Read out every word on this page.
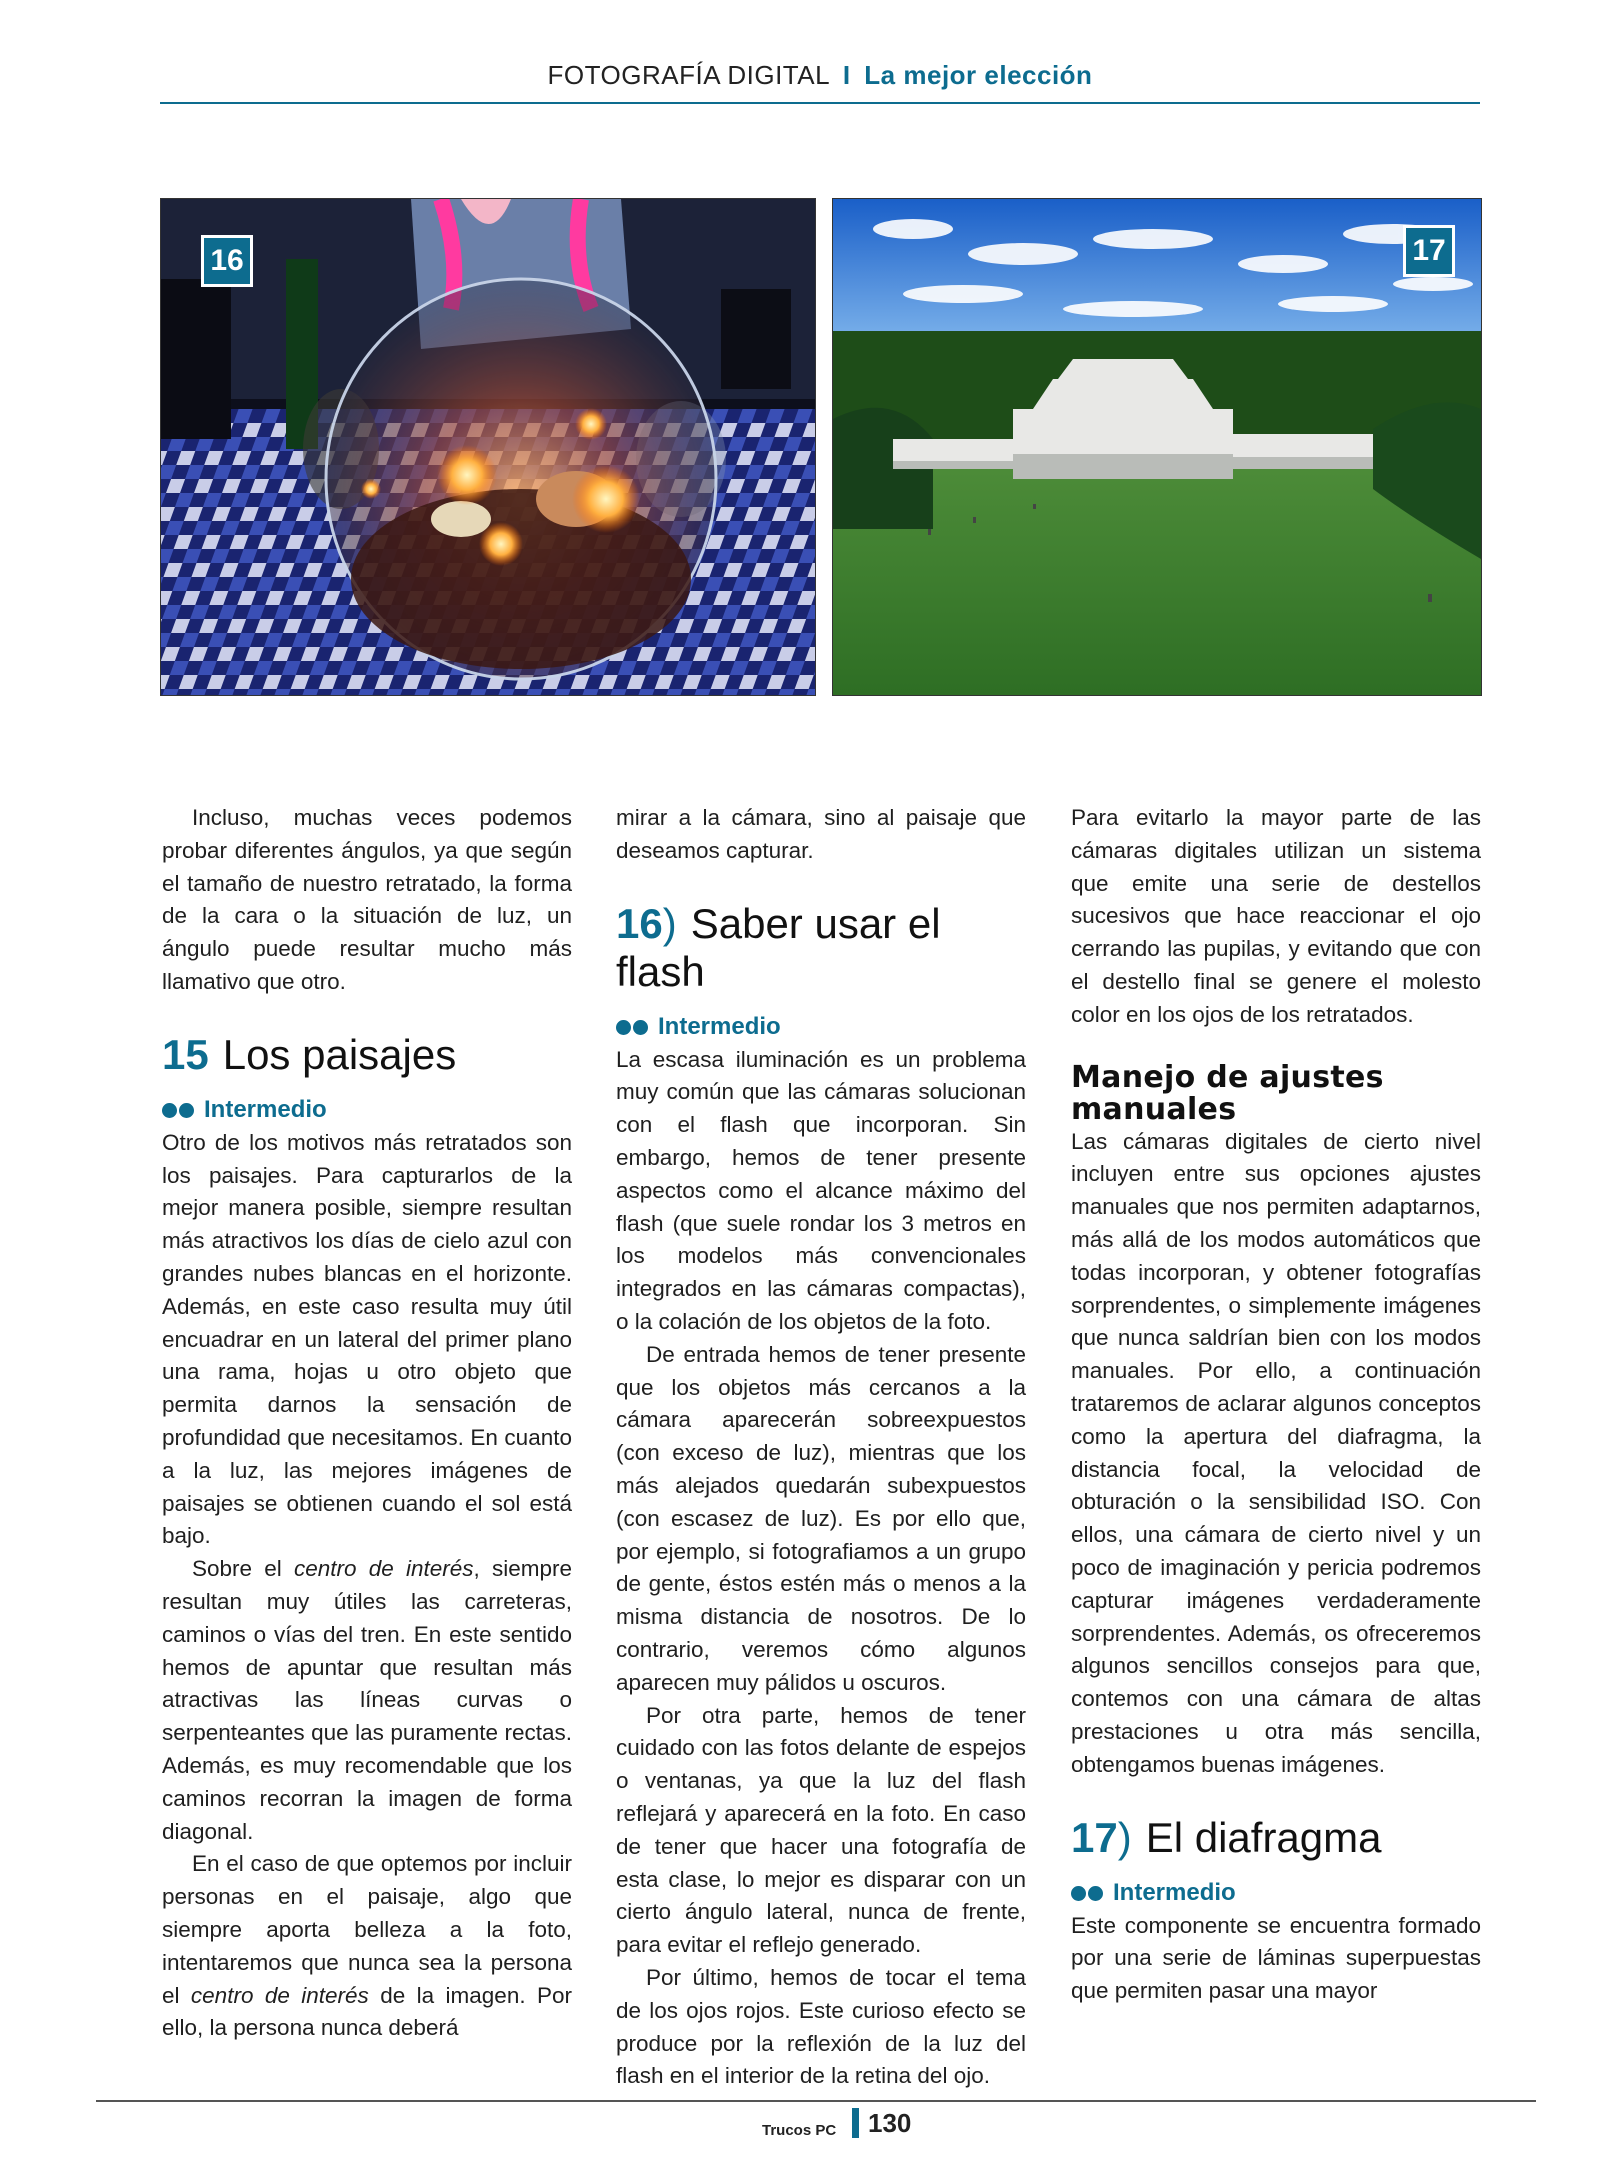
FOTOGRAFÍA DIGITAL I La mejor elección
16	17

Incluso, muchas veces podemos probar diferentes ángulos, ya que según el tamaño de nuestro retratado, la forma de la cara o la situación de luz, un ángulo puede resultar mucho más llamativo que otro.

15 Los paisajes
Intermedio

Otro de los motivos más retratados son los paisajes. Para capturarlos de la mejor manera posible, siempre resultan más atractivos los días de cielo azul con grandes nubes blancas en el horizonte. Además, en este caso resulta muy útil encuadrar en un lateral del primer plano una rama, hojas u otro objeto que permita darnos la sensación de profundidad que necesitamos. En cuanto a la luz, las mejores imágenes de paisajes se obtienen cuando el sol está bajo.

Sobre el centro de interés, siempre resultan muy útiles las carreteras, caminos o vías del tren. En este sentido hemos de apuntar que resultan más atractivas las líneas curvas o serpenteantes que las puramente rectas. Además, es muy recomendable que los caminos recorran la imagen de forma diagonal.

En el caso de que optemos por incluir personas en el paisaje, algo que siempre aporta belleza a la foto, intentaremos que nunca sea la persona el centro de interés de la imagen. Por ello, la persona nunca deberá

mirar a la cámara, sino al paisaje que deseamos capturar.

16) Saber usar el flash
Intermedio

La escasa iluminación es un problema muy común que las cámaras solucionan con el flash que incorporan. Sin embargo, hemos de tener presente aspectos como el alcance máximo del flash (que suele rondar los 3 metros en los modelos más convencionales integrados en las cámaras compactas), o la colación de los objetos de la foto.

De entrada hemos de tener presente que los objetos más cercanos a la cámara aparecerán sobreexpuestos (con exceso de luz), mientras que los más alejados quedarán subexpuestos (con escasez de luz). Es por ello que, por ejemplo, si fotografiamos a un grupo de gente, éstos estén más o menos a la misma distancia de nosotros. De lo contrario, veremos cómo algunos aparecen muy pálidos u oscuros.

Por otra parte, hemos de tener cuidado con las fotos delante de espejos o ventanas, ya que la luz del flash reflejará y aparecerá en la foto. En caso de tener que hacer una fotografía de esta clase, lo mejor es disparar con un cierto ángulo lateral, nunca de frente, para evitar el reflejo generado.

Por último, hemos de tocar el tema de los ojos rojos. Este curioso efecto se produce por la reflexión de la luz del flash en el interior de la retina del ojo.

Para evitarlo la mayor parte de las cámaras digitales utilizan un sistema que emite una serie de destellos sucesivos que hace reaccionar el ojo cerrando las pupilas, y evitando que con el destello final se genere el molesto color en los ojos de los retratados.

Manejo de ajustes manuales

Las cámaras digitales de cierto nivel incluyen entre sus opciones ajustes manuales que nos permiten adaptarnos, más allá de los modos automáticos que todas incorporan, y obtener fotografías sorprendentes, o simplemente imágenes que nunca saldrían bien con los modos manuales. Por ello, a continuación trataremos de aclarar algunos conceptos como la apertura del diafragma, la distancia focal, la velocidad de obturación o la sensibilidad ISO. Con ellos, una cámara de cierto nivel y un poco de imaginación y pericia podremos capturar imágenes verdaderamente sorprendentes. Además, os ofreceremos algunos sencillos consejos para que, contemos con una cámara de altas prestaciones u otra más sencilla, obtengamos buenas imágenes.

17) El diafragma
Intermedio

Este componente se encuentra formado por una serie de láminas superpuestas que permiten pasar una mayor

Trucos PC 130
